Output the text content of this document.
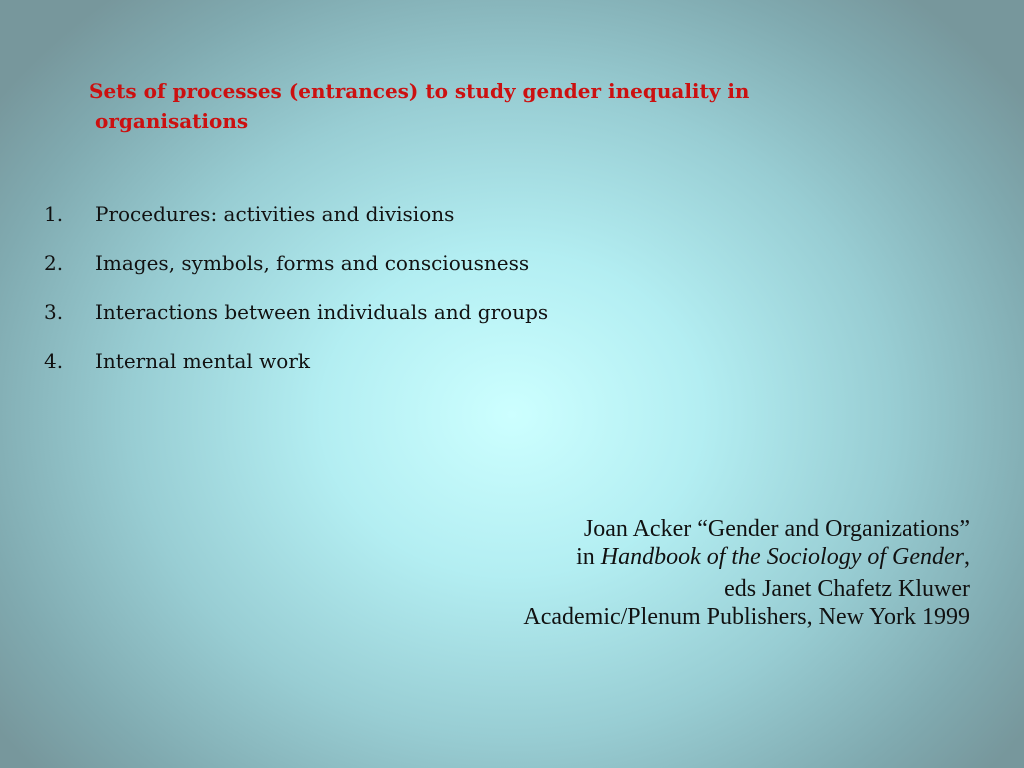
Sets of processes (entrances) to study gender inequality in
organisations
1. Procedures: activities and divisions
2. Images, symbols, forms and consciousness
3. Interactions between individuals and groups
4. Internal mental work
Joan Acker “Gender and Organizations”
in Handbook of the Sociology of Gender,
eds Janet Chafetz Kluwer
Academic/Plenum Publishers, New York 1999
